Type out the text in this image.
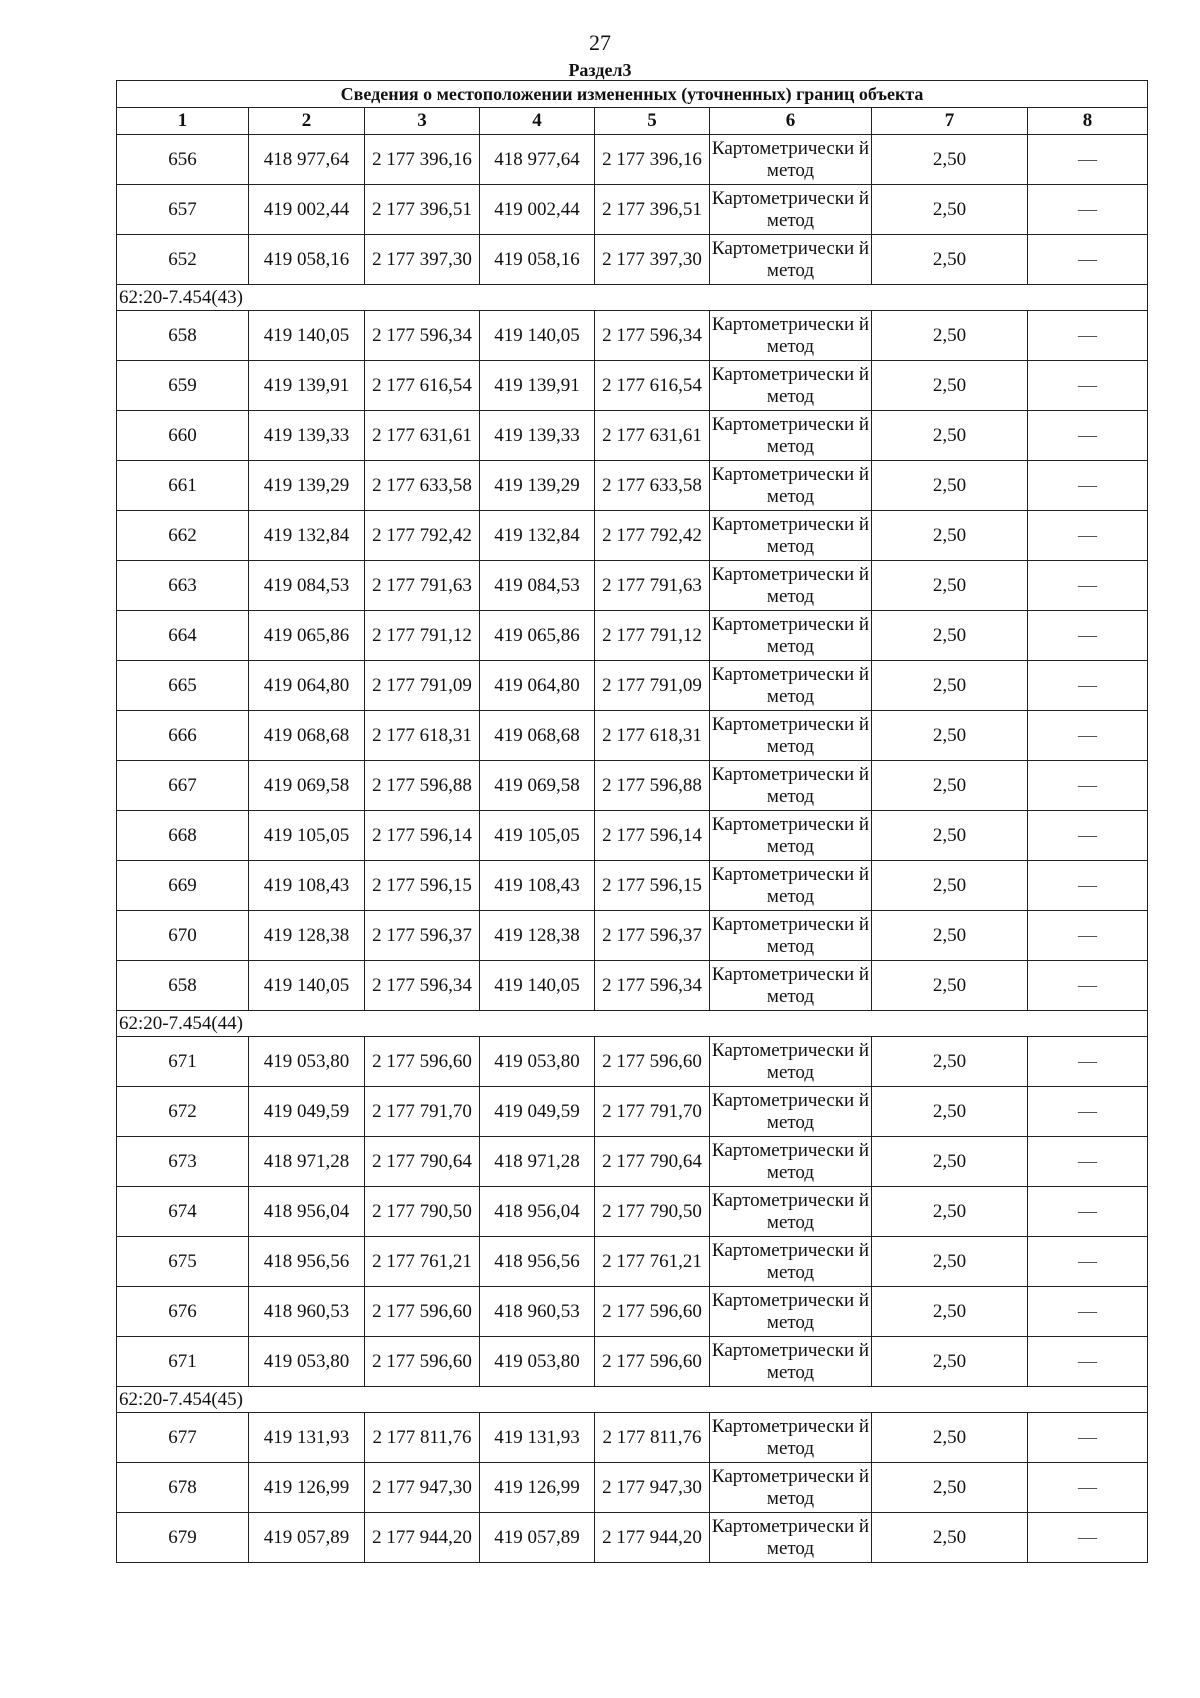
27
Раздел3
Сведения о местоположении измененных (уточненных) границ объекта							
1	2	3	4	5	6	7	8
656	418 977,64	2 177 396,16	418 977,64	2 177 396,16	Картометрически й метод	2,50	—
657	419 002,44	2 177 396,51	419 002,44	2 177 396,51	Картометрически й метод	2,50	—
652	419 058,16	2 177 397,30	419 058,16	2 177 397,30	Картометрически й метод	2,50	—
62:20-7.454(43)							
658	419 140,05	2 177 596,34	419 140,05	2 177 596,34	Картометрически й метод	2,50	—
659	419 139,91	2 177 616,54	419 139,91	2 177 616,54	Картометрически й метод	2,50	—
660	419 139,33	2 177 631,61	419 139,33	2 177 631,61	Картометрически й метод	2,50	—
661	419 139,29	2 177 633,58	419 139,29	2 177 633,58	Картометрически й метод	2,50	—
662	419 132,84	2 177 792,42	419 132,84	2 177 792,42	Картометрически й метод	2,50	—
663	419 084,53	2 177 791,63	419 084,53	2 177 791,63	Картометрически й метод	2,50	—
664	419 065,86	2 177 791,12	419 065,86	2 177 791,12	Картометрически й метод	2,50	—
665	419 064,80	2 177 791,09	419 064,80	2 177 791,09	Картометрически й метод	2,50	—
666	419 068,68	2 177 618,31	419 068,68	2 177 618,31	Картометрически й метод	2,50	—
667	419 069,58	2 177 596,88	419 069,58	2 177 596,88	Картометрически й метод	2,50	—
668	419 105,05	2 177 596,14	419 105,05	2 177 596,14	Картометрически й метод	2,50	—
669	419 108,43	2 177 596,15	419 108,43	2 177 596,15	Картометрически й метод	2,50	—
670	419 128,38	2 177 596,37	419 128,38	2 177 596,37	Картометрически й метод	2,50	—
658	419 140,05	2 177 596,34	419 140,05	2 177 596,34	Картометрически й метод	2,50	—
62:20-7.454(44)							
671	419 053,80	2 177 596,60	419 053,80	2 177 596,60	Картометрически й метод	2,50	—
672	419 049,59	2 177 791,70	419 049,59	2 177 791,70	Картометрически й метод	2,50	—
673	418 971,28	2 177 790,64	418 971,28	2 177 790,64	Картометрически й метод	2,50	—
674	418 956,04	2 177 790,50	418 956,04	2 177 790,50	Картометрически й метод	2,50	—
675	418 956,56	2 177 761,21	418 956,56	2 177 761,21	Картометрически й метод	2,50	—
676	418 960,53	2 177 596,60	418 960,53	2 177 596,60	Картометрически й метод	2,50	—
671	419 053,80	2 177 596,60	419 053,80	2 177 596,60	Картометрически й метод	2,50	—
62:20-7.454(45)							
677	419 131,93	2 177 811,76	419 131,93	2 177 811,76	Картометрически й метод	2,50	—
678	419 126,99	2 177 947,30	419 126,99	2 177 947,30	Картометрически й метод	2,50	—
679	419 057,89	2 177 944,20	419 057,89	2 177 944,20	Картометрически й метод	2,50	—
